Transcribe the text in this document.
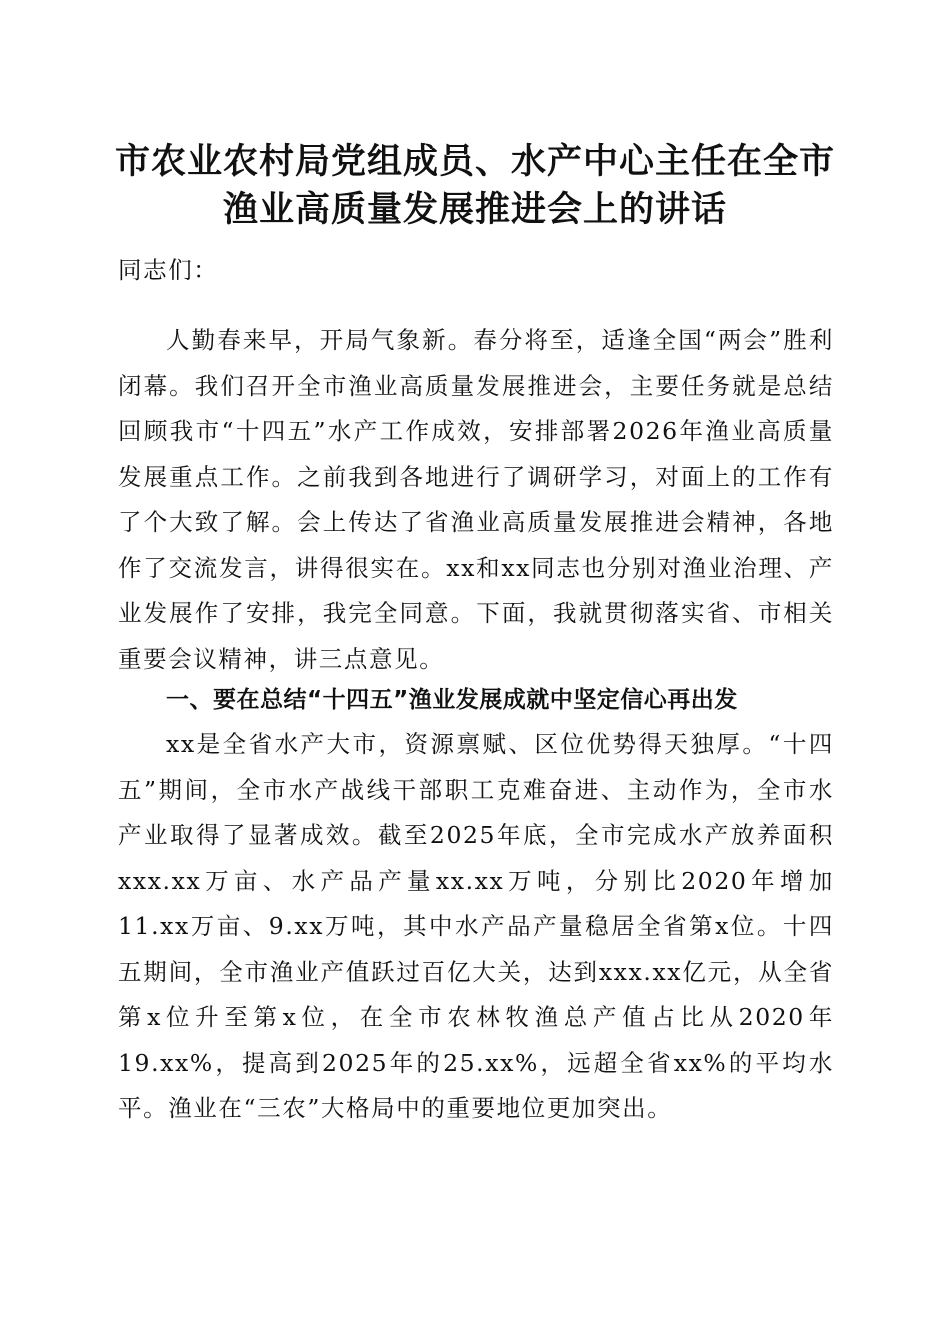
市农业农村局党组成员、水产中心主任在全市
渔业高质量发展推进会上的讲话

同志们：

人勤春来早，开局气象新。春分将至，适逢全国“两会”胜利闭幕。我们召开全市渔业高质量发展推进会，主要任务就是总结回顾我市“十四五”水产工作成效，安排部署2026年渔业高质量发展重点工作。之前我到各地进行了调研学习，对面上的工作有了个大致了解。会上传达了省渔业高质量发展推进会精神，各地作了交流发言，讲得很实在。xx和xx同志也分别对渔业治理、产业发展作了安排，我完全同意。下面，我就贯彻落实省、市相关重要会议精神，讲三点意见。

一、要在总结“十四五”渔业发展成就中坚定信心再出发

xx是全省水产大市，资源禀赋、区位优势得天独厚。“十四五”期间，全市水产战线干部职工克难奋进、主动作为，全市水产业取得了显著成效。截至2025年底，全市完成水产放养面积xxx.xx万亩、水产品产量xx.xx万吨，分别比2020年增加11.xx万亩、9.xx万吨，其中水产品产量稳居全省第x位。十四五期间，全市渔业产值跃过百亿大关，达到xxx.xx亿元，从全省第x位升至第x位，在全市农林牧渔总产值占比从2020年19.xx%，提高到2025年的25.xx%，远超全省xx%的平均水平。渔业在“三农”大格局中的重要地位更加突出。
